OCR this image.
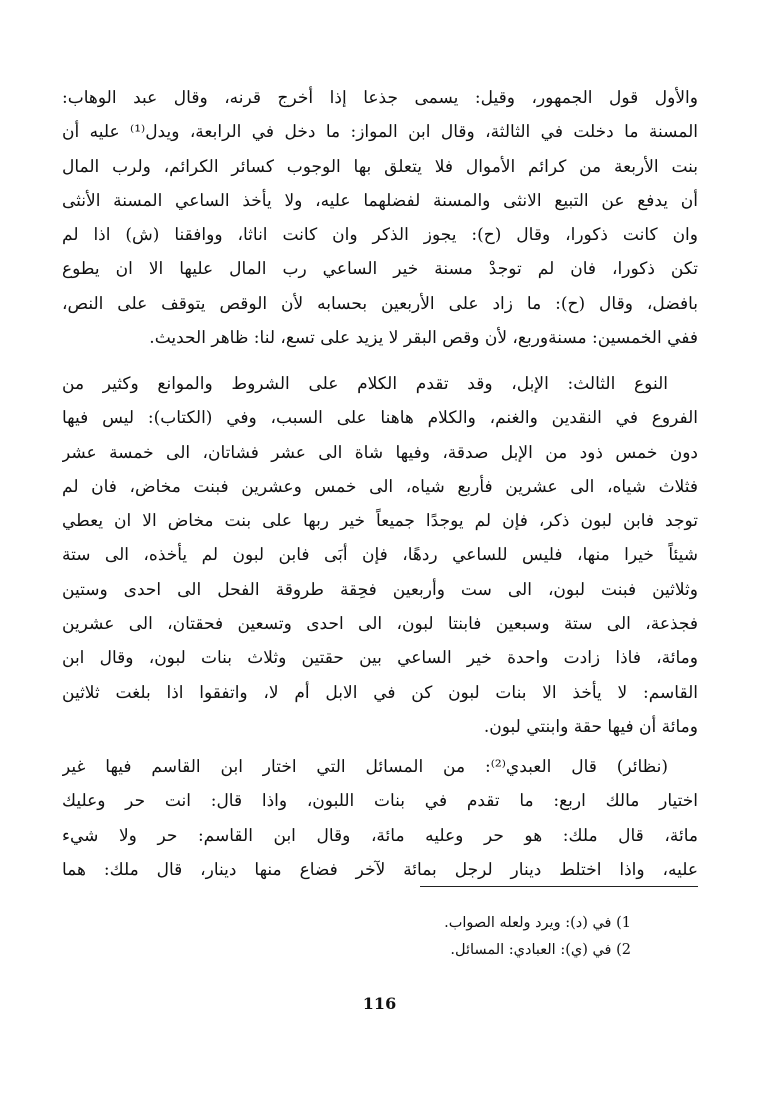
والأول قول الجمهور، وقيل: يسمى جذعا إذا أخرج قرنه، وقال عبد الوهاب:
المسنة ما دخلت في الثالثة، وقال ابن المواز: ما دخل في الرابعة، ويدل⁽¹⁾ عليه أن
بنت الأربعة من كرائم الأموال فلا يتعلق بها الوجوب كسائر الكرائم، ولرب المال
أن يدفع عن التبيع الانثى والمسنة لفضلهما عليه، ولا يأخذ الساعي المسنة الأنثى
وان كانت ذكورا، وقال (ح): يجوز الذكر وان كانت اناثا، ووافقنا (ش) اذا لم
تكن ذكورا، فان لم توجدْ مسنة خير الساعي رب المال عليها الا ان يطوع
بافضل، وقال (ح): ما زاد على الأربعين بحسابه لأن الوقص يتوقف على النص،
ففي الخمسين: مسنةوربع، لأن وقص البقر لا يزيد على تسع، لنا: ظاهر الحديث.
النوع الثالث: الإبل، وقد تقدم الكلام على الشروط والموانع وكثير من
الفروع في النقدين والغنم، والكلام هاهنا على السبب، وفي (الكتاب): ليس فيها
دون خمس ذود من الإبل صدقة، وفيها شاة الى عشر فشاتان، الى خمسة عشر
فثلاث شياه، الى عشرين فأربع شياه، الى خمس وعشرين فبنت مخاض، فان لم
توجد فابن لبون ذكر، فإن لم يوجدًا جميعاً خير ربها على بنت مخاض الا ان يعطي
شيئاً خيرا منها، فليس للساعي ردهًا، فإن أبَى فابن لبون لم يأخذه، الى ستة
وثلاثين فبنت لبون، الى ست وأربعين فحِقة طروقة الفحل الى احدى وستين
فجذعة، الى ستة وسبعين فابنتا لبون، الى احدى وتسعين فحقتان، الى عشرين
ومائة، فاذا زادت واحدة خير الساعي بين حقتين وثلاث بنات لبون، وقال ابن
القاسم: لا يأخذ الا بنات لبون كن في الابل أم لا، واتفقوا اذا بلغت ثلاثين
ومائة أن فيها حقة وابنتي لبون.
(نظائر) قال العبدي⁽²⁾: من المسائل التي اختار ابن القاسم فيها غير
اختيار مالك اربع: ما تقدم في بنات اللبون، واذا قال: انت حر وعليك
مائة، قال ملك: هو حر وعليه مائة، وقال ابن القاسم: حر ولا شيء
عليه، واذا اختلط دينار لرجل بمائة لآخر فضاع منها دينار، قال ملك: هما
1) في (د): ويرد ولعله الصواب.
2) في (ي): العبادي: المسائل.
116
